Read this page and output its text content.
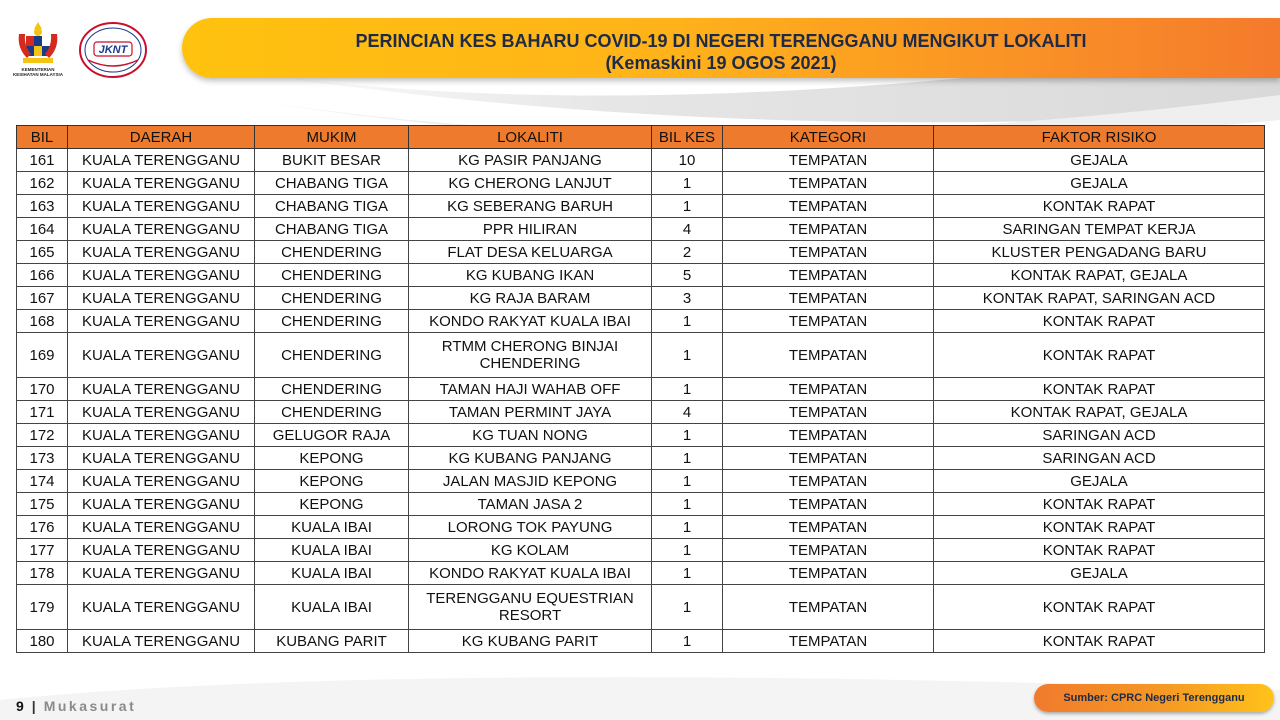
KEMENTERIAN KESIHATAN MALAYSIA
JKNT	PERINCIAN KES BAHARU COVID-19 DI NEGERI TERENGGANU MENGIKUT LOKALITI
(Kemaskini 19 OGOS 2021)
BIL	DAERAH	MUKIM	LOKALITI	BIL KES	KATEGORI	FAKTOR RISIKO
161	KUALA TERENGGANU	BUKIT BESAR	KG PASIR PANJANG	10	TEMPATAN	GEJALA
162	KUALA TERENGGANU	CHABANG TIGA	KG CHERONG LANJUT	1	TEMPATAN	GEJALA
163	KUALA TERENGGANU	CHABANG TIGA	KG SEBERANG BARUH	1	TEMPATAN	KONTAK RAPAT
164	KUALA TERENGGANU	CHABANG TIGA	PPR HILIRAN	4	TEMPATAN	SARINGAN TEMPAT KERJA
165	KUALA TERENGGANU	CHENDERING	FLAT DESA KELUARGA	2	TEMPATAN	KLUSTER PENGADANG BARU
166	KUALA TERENGGANU	CHENDERING	KG KUBANG IKAN	5	TEMPATAN	KONTAK RAPAT, GEJALA
167	KUALA TERENGGANU	CHENDERING	KG RAJA BARAM	3	TEMPATAN	KONTAK RAPAT, SARINGAN ACD
168	KUALA TERENGGANU	CHENDERING	KONDO RAKYAT KUALA IBAI	1	TEMPATAN	KONTAK RAPAT
169	KUALA TERENGGANU	CHENDERING	RTMM CHERONG BINJAI CHENDERING	1	TEMPATAN	KONTAK RAPAT
170	KUALA TERENGGANU	CHENDERING	TAMAN HAJI WAHAB OFF	1	TEMPATAN	KONTAK RAPAT
171	KUALA TERENGGANU	CHENDERING	TAMAN PERMINT JAYA	4	TEMPATAN	KONTAK RAPAT, GEJALA
172	KUALA TERENGGANU	GELUGOR RAJA	KG TUAN NONG	1	TEMPATAN	SARINGAN ACD
173	KUALA TERENGGANU	KEPONG	KG KUBANG PANJANG	1	TEMPATAN	SARINGAN ACD
174	KUALA TERENGGANU	KEPONG	JALAN MASJID KEPONG	1	TEMPATAN	GEJALA
175	KUALA TERENGGANU	KEPONG	TAMAN JASA 2	1	TEMPATAN	KONTAK RAPAT
176	KUALA TERENGGANU	KUALA IBAI	LORONG TOK PAYUNG	1	TEMPATAN	KONTAK RAPAT
177	KUALA TERENGGANU	KUALA IBAI	KG KOLAM	1	TEMPATAN	KONTAK RAPAT
178	KUALA TERENGGANU	KUALA IBAI	KONDO RAKYAT KUALA IBAI	1	TEMPATAN	GEJALA
179	KUALA TERENGGANU	KUALA IBAI	TERENGGANU EQUESTRIAN RESORT	1	TEMPATAN	KONTAK RAPAT
180	KUALA TERENGGANU	KUBANG PARIT	KG KUBANG PARIT	1	TEMPATAN	KONTAK RAPAT
9 | Mukasurat	Sumber: CPRC Negeri Terengganu
